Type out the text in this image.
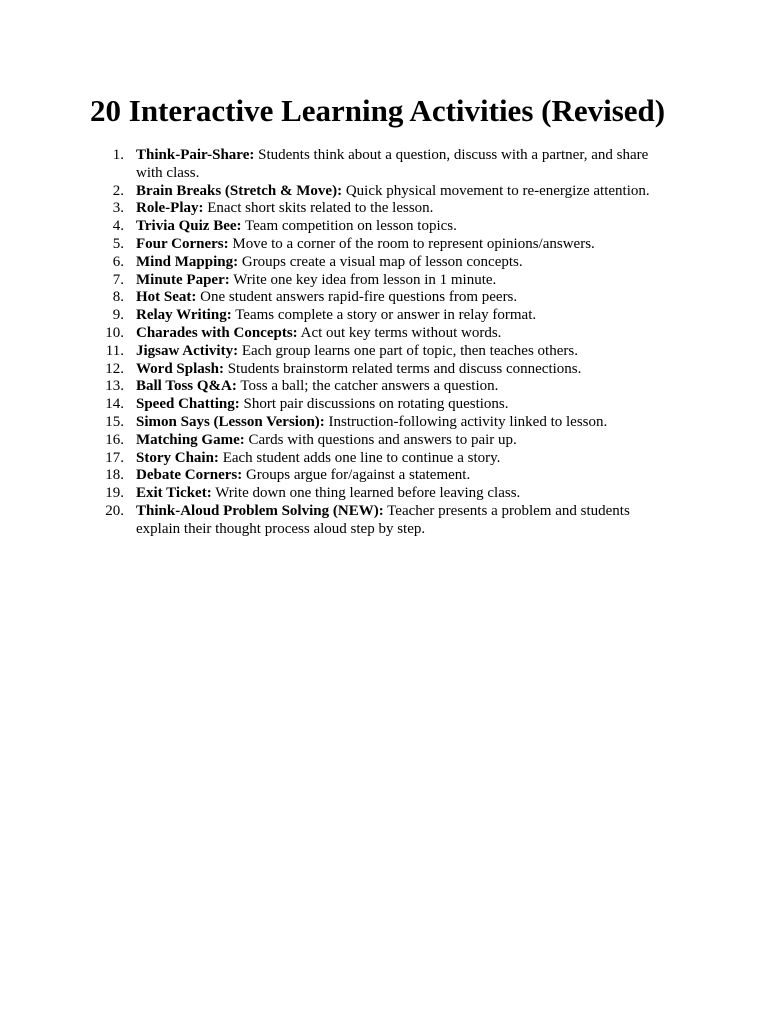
20 Interactive Learning Activities (Revised)
1. Think-Pair-Share: Students think about a question, discuss with a partner, and share with class.
2. Brain Breaks (Stretch & Move): Quick physical movement to re-energize attention.
3. Role-Play: Enact short skits related to the lesson.
4. Trivia Quiz Bee: Team competition on lesson topics.
5. Four Corners: Move to a corner of the room to represent opinions/answers.
6. Mind Mapping: Groups create a visual map of lesson concepts.
7. Minute Paper: Write one key idea from lesson in 1 minute.
8. Hot Seat: One student answers rapid-fire questions from peers.
9. Relay Writing: Teams complete a story or answer in relay format.
10. Charades with Concepts: Act out key terms without words.
11. Jigsaw Activity: Each group learns one part of topic, then teaches others.
12. Word Splash: Students brainstorm related terms and discuss connections.
13. Ball Toss Q&A: Toss a ball; the catcher answers a question.
14. Speed Chatting: Short pair discussions on rotating questions.
15. Simon Says (Lesson Version): Instruction-following activity linked to lesson.
16. Matching Game: Cards with questions and answers to pair up.
17. Story Chain: Each student adds one line to continue a story.
18. Debate Corners: Groups argue for/against a statement.
19. Exit Ticket: Write down one thing learned before leaving class.
20. Think-Aloud Problem Solving (NEW): Teacher presents a problem and students explain their thought process aloud step by step.
